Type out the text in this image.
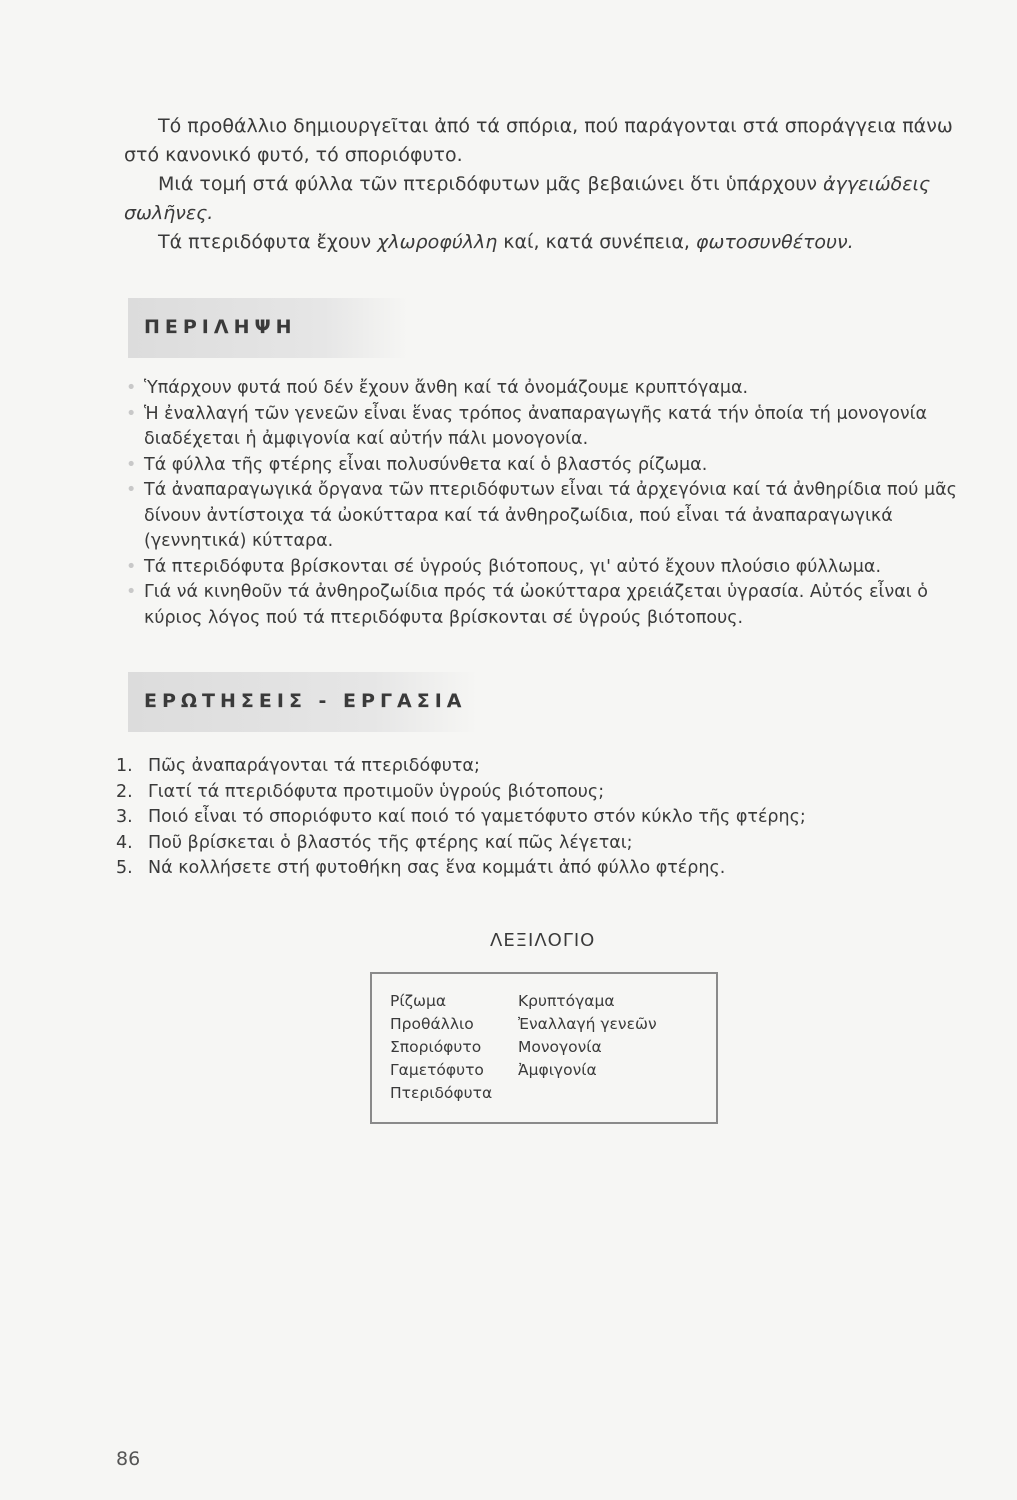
Τό προθάλλιο δημιουργεῖται ἀπό τά σπόρια, πού παράγονται στά σποράγγεια πάνω στό κανονικό φυτό, τό σποριόφυτο.

Μιά τομή στά φύλλα τῶν πτεριδόφυτων μᾶς βεβαιώνει ὅτι ὑπάρχουν ἀγγειώδεις σωλῆνες.

Τά πτεριδόφυτα ἔχουν χλωροφύλλη καί, κατά συνέπεια, φωτοσυνθέτουν.

ΠΕΡΙΛΗΨΗ
• Ὑπάρχουν φυτά πού δέν ἔχουν ἄνθη καί τά ὀνομάζουμε κρυπτόγαμα.
• Ἡ ἐναλλαγή τῶν γενεῶν εἶναι ἕνας τρόπος ἀναπαραγωγῆς κατά τήν ὁποία τή μονογονία διαδέχεται ἡ ἀμφιγονία καί αὐτήν πάλι μονογονία.
• Τά φύλλα τῆς φτέρης εἶναι πολυσύνθετα καί ὁ βλαστός ρίζωμα.
• Τά ἀναπαραγωγικά ὄργανα τῶν πτεριδόφυτων εἶναι τά ἀρχεγόνια καί τά ἀνθηρίδια πού μᾶς δίνουν ἀντίστοιχα τά ὠοκύτταρα καί τά ἀνθηροζωίδια, πού εἶναι τά ἀναπαραγωγικά (γεννητικά) κύτταρα.
• Τά πτεριδόφυτα βρίσκονται σέ ὑγρούς βιότοπους, γι' αὐτό ἔχουν πλούσιο φύλλωμα.
• Γιά νά κινηθοῦν τά ἀνθηροζωίδια πρός τά ὠοκύτταρα χρειάζεται ὑγρασία. Αὐτός εἶναι ὁ κύριος λόγος πού τά πτεριδόφυτα βρίσκονται σέ ὑγρούς βιότοπους.
ΕΡΩΤΗΣΕΙΣ - ΕΡΓΑΣΙΑ
1. Πῶς ἀναπαράγονται τά πτεριδόφυτα;
2. Γιατί τά πτεριδόφυτα προτιμοῦν ὑγρούς βιότοπους;
3. Ποιό εἶναι τό σποριόφυτο καί ποιό τό γαμετόφυτο στόν κύκλο τῆς φτέρης;
4. Ποῦ βρίσκεται ὁ βλαστός τῆς φτέρης καί πῶς λέγεται;
5. Νά κολλήσετε στή φυτοθήκη σας ἕνα κομμάτι ἀπό φύλλο φτέρης.
ΛΕΞΙΛΟΓΙΟ
Ρίζωμα
Προθάλλιο
Σποριόφυτο
Γαμετόφυτο
Πτεριδόφυτα
Κρυπτόγαμα
Ἐναλλαγή γενεῶν
Μονογονία
Ἀμφιγονία
86
